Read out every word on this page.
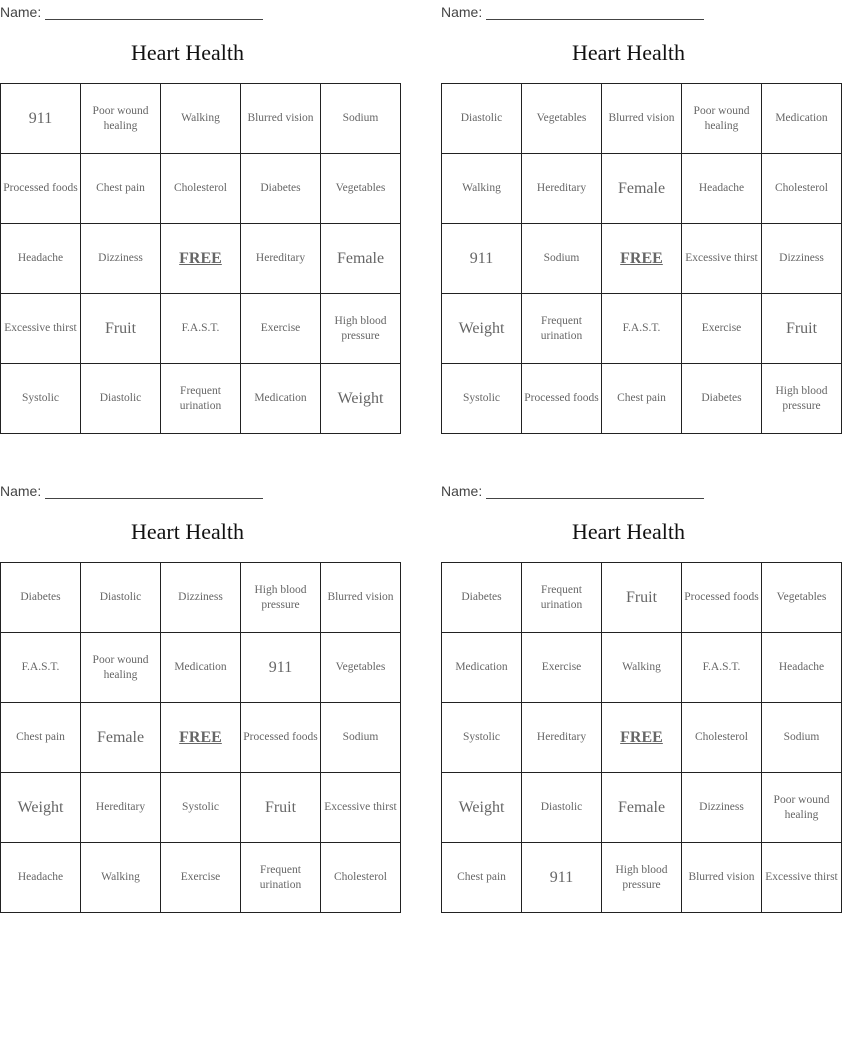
Name:
Heart Health
911	Poor wound healing	Walking	Blurred vision	Sodium
Processed foods	Chest pain	Cholesterol	Diabetes	Vegetables
Headache	Dizziness	FREE	Hereditary	Female
Excessive thirst	Fruit	F.A.S.T.	Exercise	High blood pressure
Systolic	Diastolic	Frequent urination	Medication	Weight
Name:
Heart Health
Diastolic	Vegetables	Blurred vision	Poor wound healing	Medication
Walking	Hereditary	Female	Headache	Cholesterol
911	Sodium	FREE	Excessive thirst	Dizziness
Weight	Frequent urination	F.A.S.T.	Exercise	Fruit
Systolic	Processed foods	Chest pain	Diabetes	High blood pressure
Name:
Heart Health
Diabetes	Diastolic	Dizziness	High blood pressure	Blurred vision
F.A.S.T.	Poor wound healing	Medication	911	Vegetables
Chest pain	Female	FREE	Processed foods	Sodium
Weight	Hereditary	Systolic	Fruit	Excessive thirst
Headache	Walking	Exercise	Frequent urination	Cholesterol
Name:
Heart Health
Diabetes	Frequent urination	Fruit	Processed foods	Vegetables
Medication	Exercise	Walking	F.A.S.T.	Headache
Systolic	Hereditary	FREE	Cholesterol	Sodium
Weight	Diastolic	Female	Dizziness	Poor wound healing
Chest pain	911	High blood pressure	Blurred vision	Excessive thirst
